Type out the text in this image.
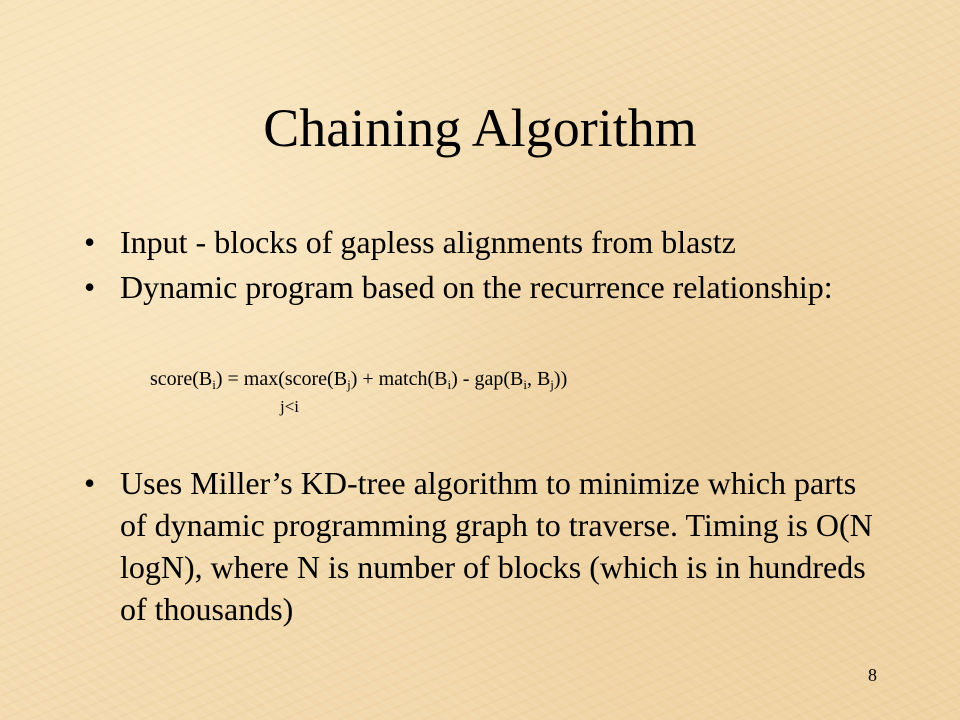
Chaining Algorithm
• Input - blocks of gapless alignments from blastz
• Dynamic program based on the recurrence relationship:
$score(B_i)$ = $\max(score(B_j)$ + $match(B_i) - gap(B_i$, $B_j$))
j<i
• Uses Miller’s KD-tree algorithm to minimize which parts of dynamic programming graph to traverse. Timing is O(N logN), where N is number of blocks (which is in hundreds of thousands)
8
